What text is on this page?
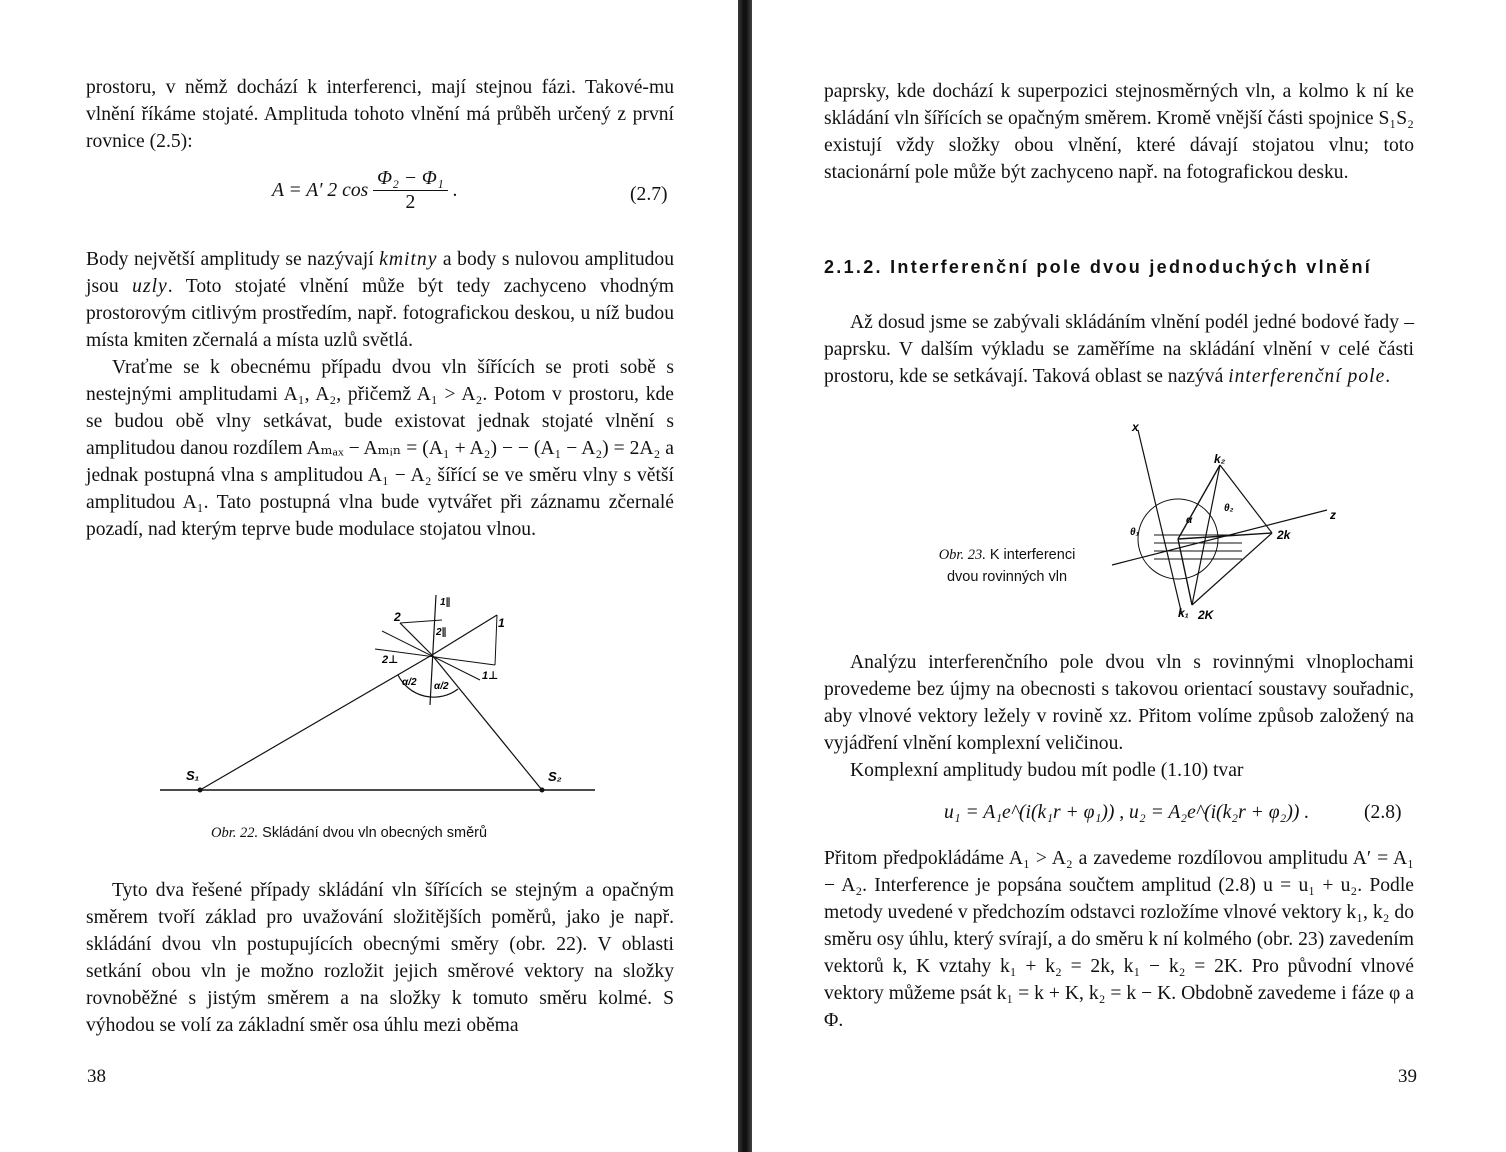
prostoru, v němž dochází k interferenci, mají stejnou fázi. Takové-mu vlnění říkáme stojaté. Amplituda tohoto vlnění má průběh určený z první rovnice (2.5):

A = A′ 2 $\cos \frac{\text{Φ₂ − Φ₁}}{2}$ .	(2.7)

Body největší amplitudy se nazývají kmitny a body s nulovou amplitudou jsou uzly. Toto stojaté vlnění může být tedy zachyceno vhodným prostorovým citlivým prostředím, např. fotografickou deskou, u níž budou místa kmiten zčernalá a místa uzlů světlá.

Vraťme se k obecnému případu dvou vln šířících se proti sobě s nestejnými amplitudami A₁, A₂, přičemž A₁ > A₂. Potom v prostoru, kde se budou obě vlny setkávat, bude existovat jednak stojaté vlnění s amplitudou danou rozdílem Aₘₐₓ − Aₘᵢₙ = (A₁ + A₂) − − (A₁ − A₂) = 2A₂ a jednak postupná vlna s amplitudou A₁ − A₂ šířící se ve směru vlny s větší amplitudou A₁. Tato postupná vlna bude vytvářet při záznamu zčernalé pozadí, nad kterým teprve bude modulace stojatou vlnou.

S₁	S₂
1
2
1⊥
2⊥
1∥
2∥
α/2 α/2
Obr. 22. Skládání dvou vln obecných směrů

Tyto dva řešené případy skládání vln šířících se stejným a opačným směrem tvoří základ pro uvažování složitějších poměrů, jako je např. skládání dvou vln postupujících obecnými směry (obr. 22). V oblasti setkání obou vln je možno rozložit jejich směrové vektory na složky rovnoběžné s jistým směrem a na složky k tomuto směru kolmé. S výhodou se volí za základní směr osa úhlu mezi oběma

38

paprsky, kde dochází k superpozici stejnosměrných vln, a kolmo k ní ke skládání vln šířících se opačným směrem. Kromě vnější části spojnice S₁S₂ existují vždy složky obou vlnění, které dávají stojatou vlnu; toto stacionární pole může být zachyceno např. na fotografickou desku.

2.1.2. Interferenční pole dvou jednoduchých vlnění

Až dosud jsme se zabývali skládáním vlnění podél jedné bodové řady – paprsku. V dalším výkladu se zaměříme na skládání vlnění v celé části prostoru, kde se setkávají. Taková oblast se nazývá interferenční pole.

x
z
k₂
k₁
2k
2K
θ₂
θ₁
α
Obr. 23. K interferenci
dvou rovinných vln

Analýzu interferenčního pole dvou vln s rovinnými vlnoplochami provedeme bez újmy na obecnosti s takovou orientací soustavy souřadnic, aby vlnové vektory ležely v rovině xz. Přitom volíme způsob založený na vyjádření vlnění komplexní veličinou.

Komplexní amplitudy budou mít podle (1.10) tvar

u₁ = A₁e^(i(k₁r + φ₁)) , u₂ = A₂e^(i(k₂r + φ₂)) .	(2.8)

Přitom předpokládáme A₁ > A₂ a zavedeme rozdílovou amplitudu A′ = A₁ − A₂. Interference je popsána součtem amplitud (2.8) u = u₁ + u₂. Podle metody uvedené v předchozím odstavci rozložíme vlnové vektory k₁, k₂ do směru osy úhlu, který svírají, a do směru k ní kolmého (obr. 23) zavedením vektorů k, K vztahy k₁ + k₂ = 2k, k₁ − k₂ = 2K. Pro původní vlnové vektory můžeme psát k₁ = k + K, k₂ = k − K. Obdobně zavedeme i fáze φ a Φ.

39
